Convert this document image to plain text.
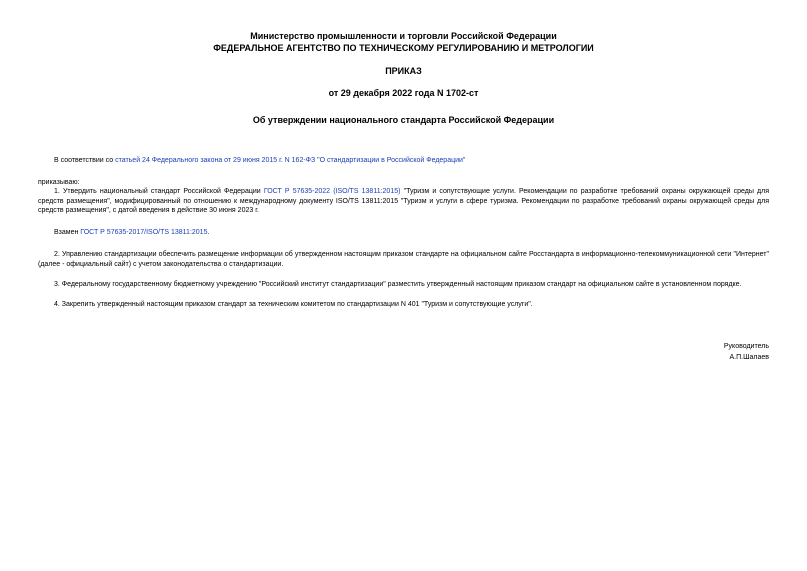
Министерство промышленности и торговли Российской Федерации
ФЕДЕРАЛЬНОЕ АГЕНТСТВО ПО ТЕХНИЧЕСКОМУ РЕГУЛИРОВАНИЮ И МЕТРОЛОГИИ
ПРИКАЗ
от 29 декабря 2022 года N 1702-ст
Об утверждении национального стандарта Российской Федерации
В соответствии со статьей 24 Федерального закона от 29 июня 2015 г. N 162-ФЗ "О стандартизации в Российской Федерации"
приказываю:
1. Утвердить национальный стандарт Российской Федерации ГОСТ Р 57635-2022 (ISO/TS 13811:2015) "Туризм и сопутствующие услуги. Рекомендации по разработке требований охраны окружающей среды для средств размещения", модифицированный по отношению к международному документу ISO/TS 13811:2015 "Туризм и услуги в сфере туризма. Рекомендации по разработке требований охраны окружающей среды для средств размещения", с датой введения в действие 30 июня 2023 г.
Взамен ГОСТ Р 57635-2017/ISO/TS 13811:2015.
2. Управлению стандартизации обеспечить размещение информации об утвержденном настоящим приказом стандарте на официальном сайте Росстандарта в информационно-телекоммуникационной сети "Интернет" (далее - официальный сайт) с учетом законодательства о стандартизации.
3. Федеральному государственному бюджетному учреждению "Российский институт стандартизации" разместить утвержденный настоящим приказом стандарт на официальном сайте в установленном порядке.
4. Закрепить утвержденный настоящим приказом стандарт за техническим комитетом по стандартизации N 401 "Туризм и сопутствующие услуги".
Руководитель
А.П.Шалаев
